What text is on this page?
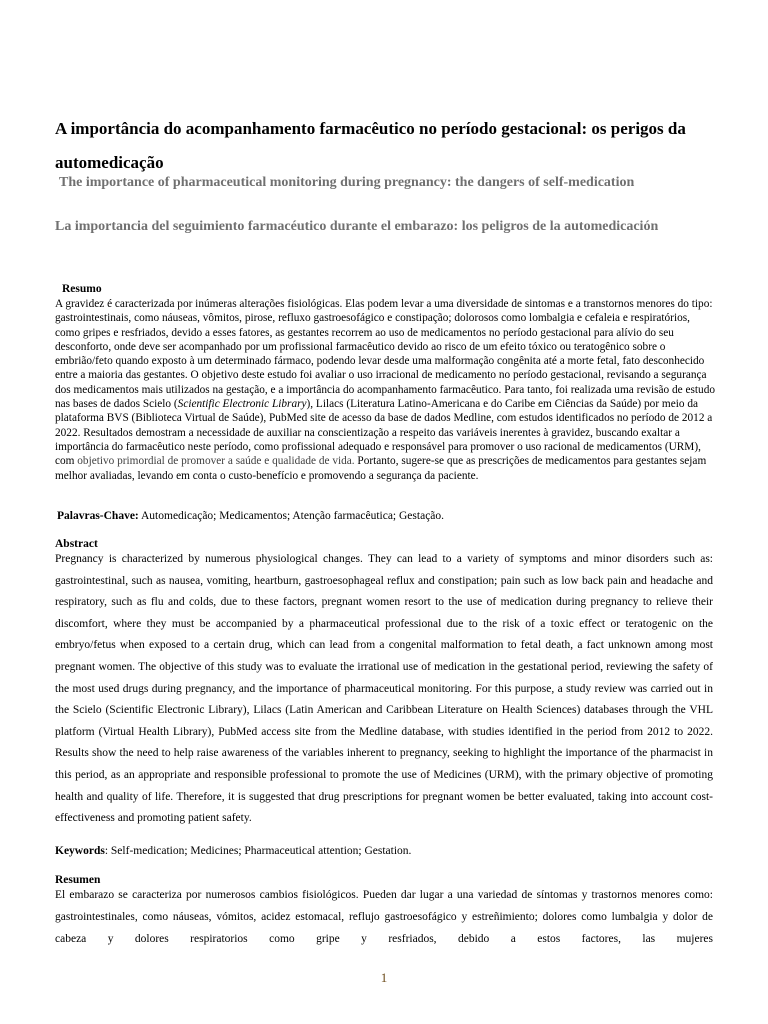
A importância do acompanhamento farmacêutico no período gestacional: os perigos da automedicação

The importance of pharmaceutical monitoring during pregnancy: the dangers of self-medication

La importancia del seguimiento farmacéutico durante el embarazo: los peligros de la automedicación

Resumo

A gravidez é caracterizada por inúmeras alterações fisiológicas. Elas podem levar a uma diversidade de sintomas e a transtornos menores do tipo: gastrointestinais, como náuseas, vômitos, pirose, refluxo gastroesofágico e constipação; dolorosos como lombalgia e cefaleia e respiratórios, como gripes e resfriados, devido a esses fatores, as gestantes recorrem ao uso de medicamentos no período gestacional para alívio do seu desconforto, onde deve ser acompanhado por um profissional farmacêutico devido ao risco de um efeito tóxico ou teratogênico sobre o embrião/feto quando exposto à um determinado fármaco, podendo levar desde uma malformação congênita até a morte fetal, fato desconhecido entre a maioria das gestantes. O objetivo deste estudo foi avaliar o uso irracional de medicamento no período gestacional, revisando a segurança dos medicamentos mais utilizados na gestação, e a importância do acompanhamento farmacêutico. Para tanto, foi realizada uma revisão de estudo nas bases de dados Scielo (Scientific Electronic Library), Lilacs (Literatura Latino-Americana e do Caribe em Ciências da Saúde) por meio da plataforma BVS (Biblioteca Virtual de Saúde), PubMed site de acesso da base de dados Medline, com estudos identificados no período de 2012 a 2022. Resultados demostram a necessidade de auxiliar na conscientização a respeito das variáveis inerentes à gravidez, buscando exaltar a importância do farmacêutico neste período, como profissional adequado e responsável para promover o uso racional de medicamentos (URM), com objetivo primordial de promover a saúde e qualidade de vida. Portanto, sugere-se que as prescrições de medicamentos para gestantes sejam melhor avaliadas, levando em conta o custo-benefício e promovendo a segurança da paciente.

Palavras-Chave: Automedicação; Medicamentos; Atenção farmacêutica; Gestação.

Abstract

Pregnancy is characterized by numerous physiological changes. They can lead to a variety of symptoms and minor disorders such as: gastrointestinal, such as nausea, vomiting, heartburn, gastroesophageal reflux and constipation; pain such as low back pain and headache and respiratory, such as flu and colds, due to these factors, pregnant women resort to the use of medication during pregnancy to relieve their discomfort, where they must be accompanied by a pharmaceutical professional due to the risk of a toxic effect or teratogenic on the embryo/fetus when exposed to a certain drug, which can lead from a congenital malformation to fetal death, a fact unknown among most pregnant women. The objective of this study was to evaluate the irrational use of medication in the gestational period, reviewing the safety of the most used drugs during pregnancy, and the importance of pharmaceutical monitoring. For this purpose, a study review was carried out in the Scielo (Scientific Electronic Library), Lilacs (Latin American and Caribbean Literature on Health Sciences) databases through the VHL platform (Virtual Health Library), PubMed access site from the Medline database, with studies identified in the period from 2012 to 2022. Results show the need to help raise awareness of the variables inherent to pregnancy, seeking to highlight the importance of the pharmacist in this period, as an appropriate and responsible professional to promote the use of Medicines (URM), with the primary objective of promoting health and quality of life. Therefore, it is suggested that drug prescriptions for pregnant women be better evaluated, taking into account cost-effectiveness and promoting patient safety.

Keywords: Self-medication; Medicines; Pharmaceutical attention; Gestation.

Resumen

El embarazo se caracteriza por numerosos cambios fisiológicos. Pueden dar lugar a una variedad de síntomas y trastornos menores como: gastrointestinales, como náuseas, vómitos, acidez estomacal, reflujo gastroesofágico y estreñimiento; dolores como lumbalgia y dolor de cabeza y dolores respiratorios como gripe y resfriados, debido a estos factores, las mujeres

1
